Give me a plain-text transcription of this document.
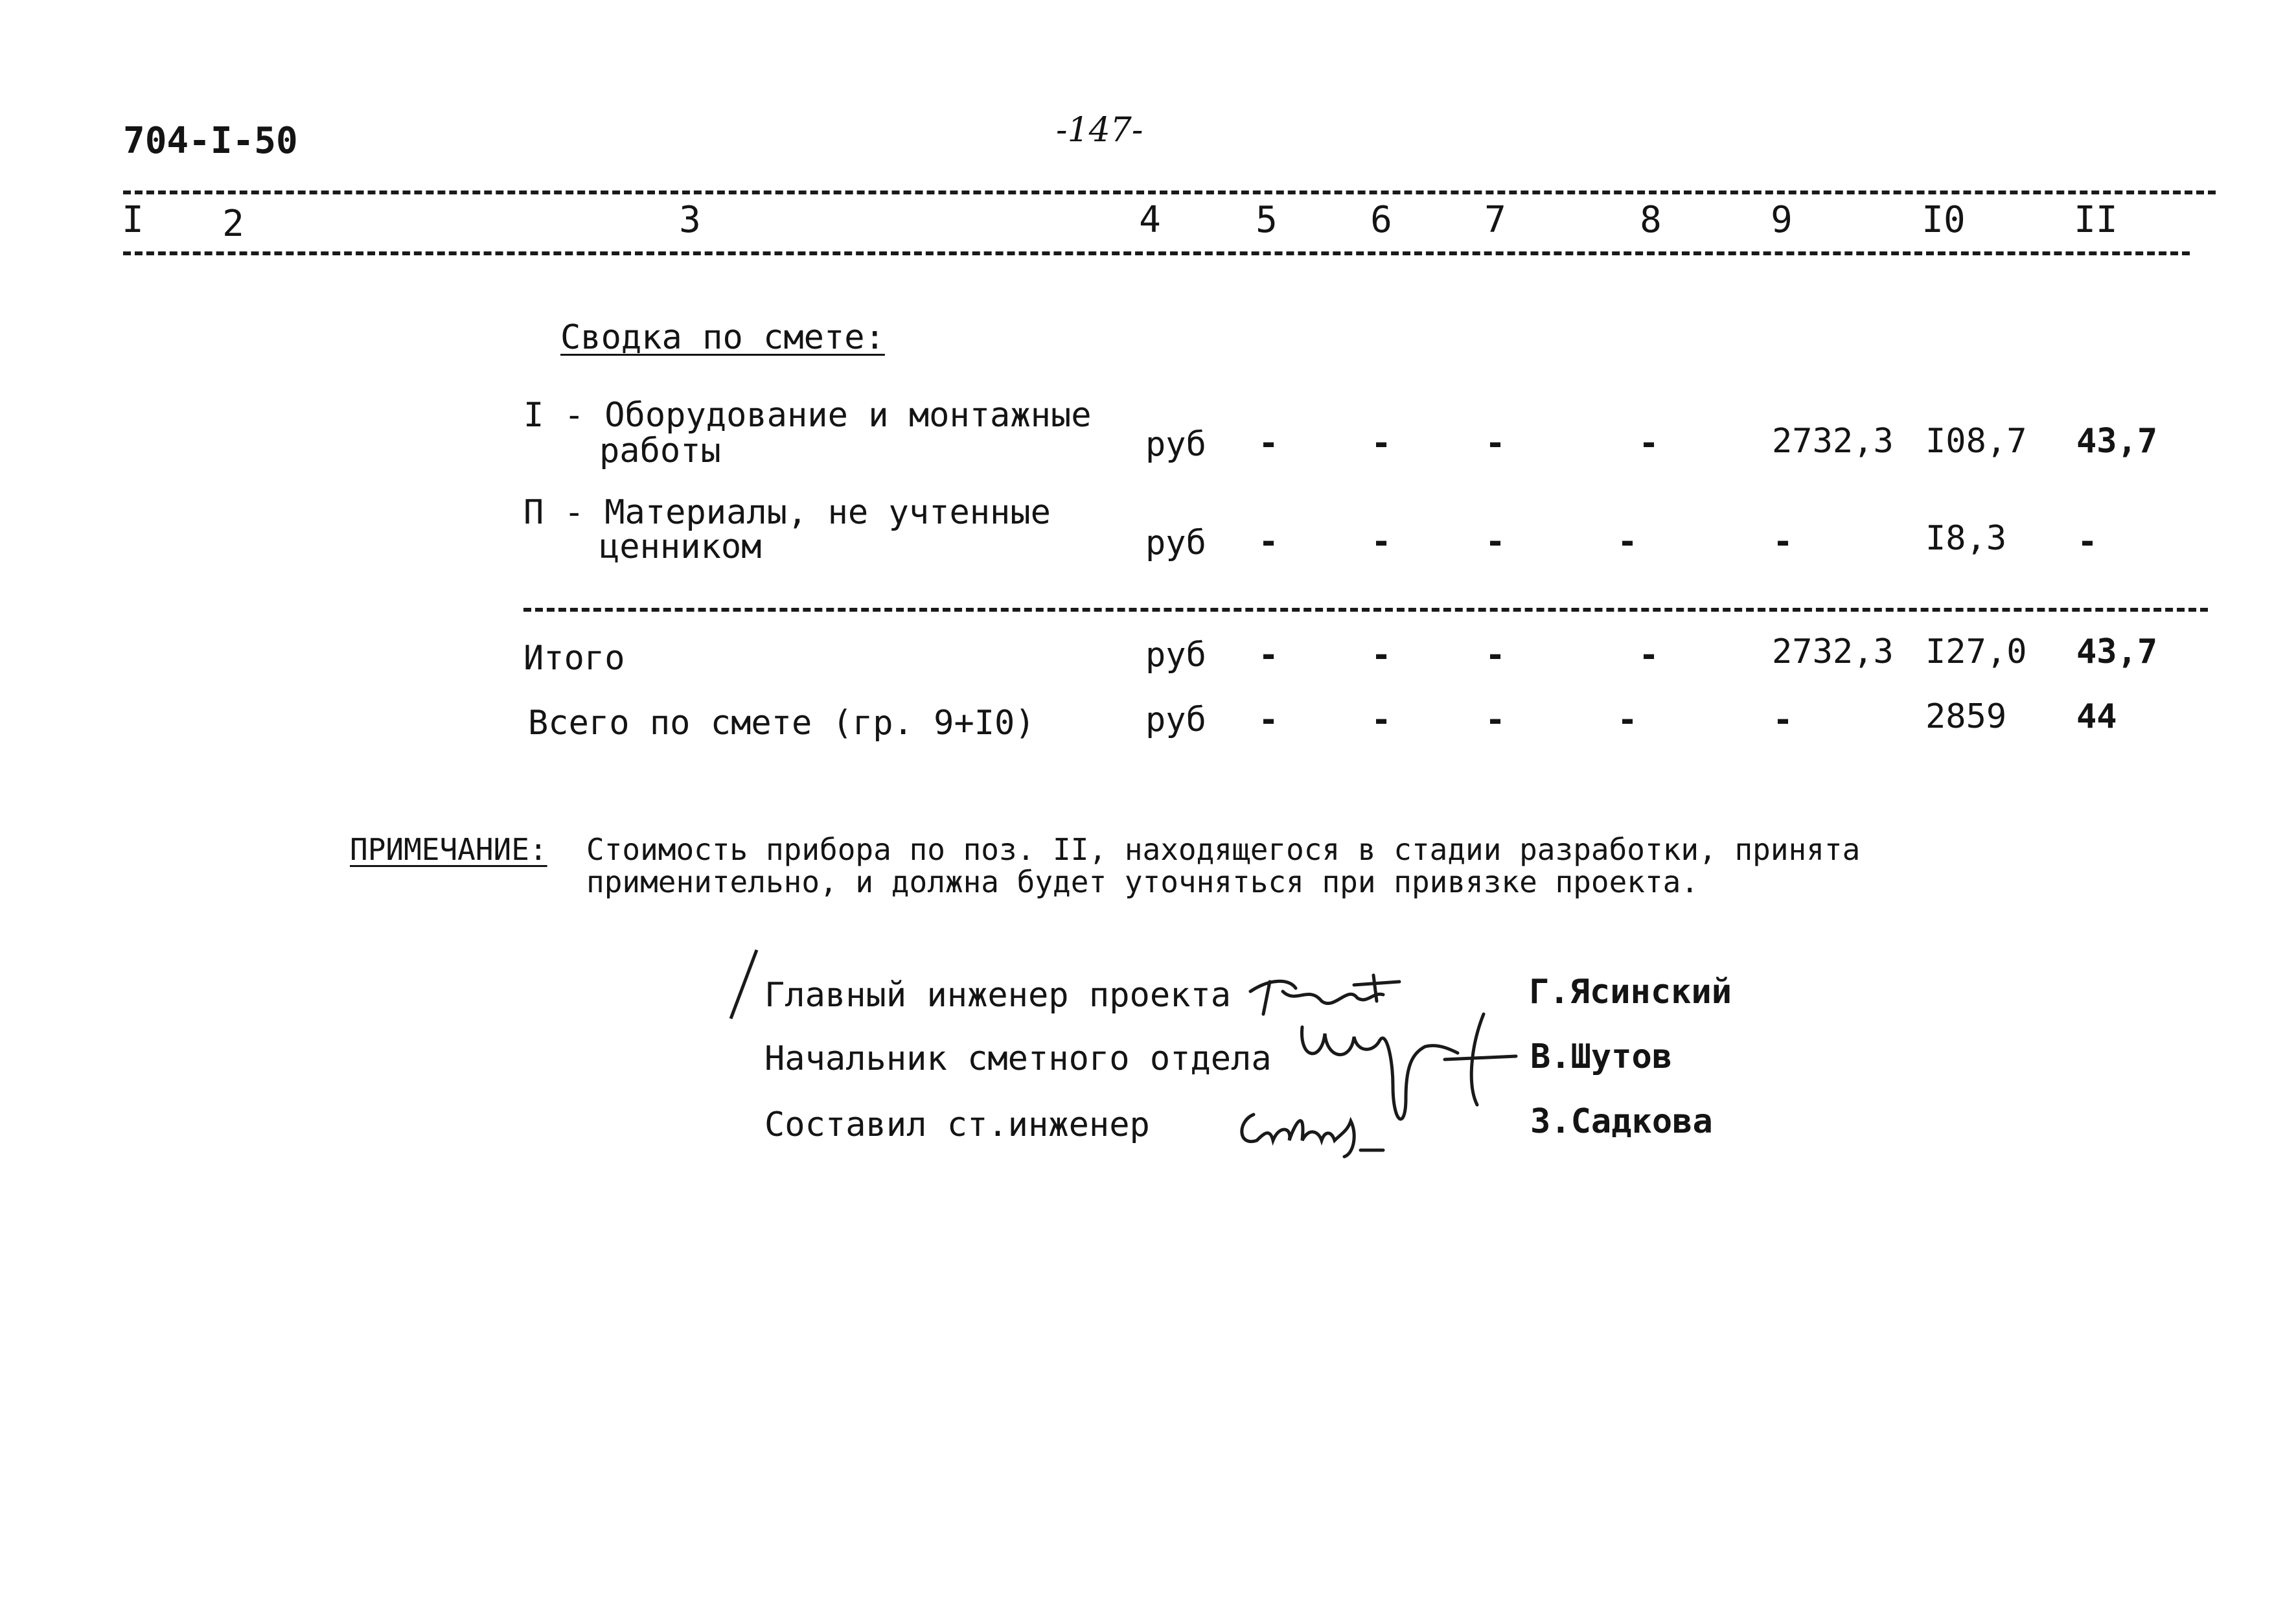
704-I-50	-147-
I 2	3	4	5	6	7	8	9	I0	II
Сводка по смете:
I - Оборудование и монтажные
работы	руб -	-	-	-	2732,3 I08,7 43,7
П - Материалы, не учтенные
ценником	руб -	-	-	-	-	I8,3 -
Итого	руб -	-	-	-	2732,3 I27,0 43,7
Всего по смете (гр. 9+I0)	руб -	-	-	-	-	2859 44
ПРИМЕЧАНИЕ: Стоимость прибора по поз. II, находящегося в стадии разработки, принята
применительно, и должна будет уточняться при привязке проекта.
Главный инженер проекта	Г.Ясинский
Начальник сметного отдела	В.Шутов
Составил ст.инженер	З.Садкова
